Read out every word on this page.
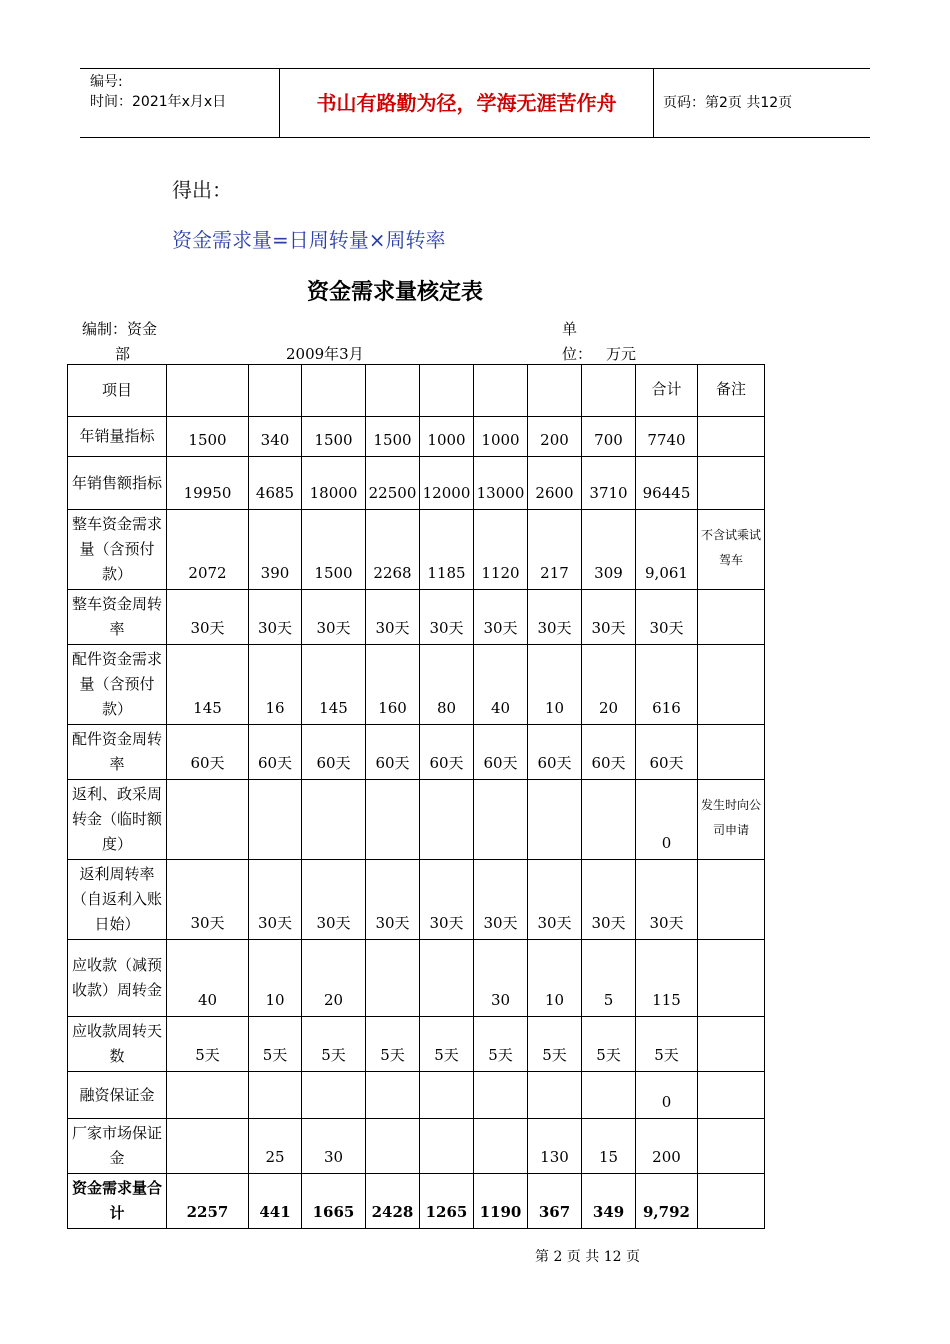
编号:
时间：2021年x月x日	书山有路勤为径，学海无涯苦作舟	页码：第2页 共12页
得出：
资金需求量=日周转量×周转率
资金需求量核定表
编制：资金
部	2009年3月
单
位： 万元
项目									合计	备注
年销量指标	1500	340	1500	1500	1000	1000	200	700	7740	
年销售额指标	19950	4685	18000	22500	12000	13000	2600	3710	96445	
整车资金需求量（含预付款）	2072	390	1500	2268	1185	1120	217	309	9,061	不含试乘试驾车
整车资金周转率	30天	30天	30天	30天	30天	30天	30天	30天	30天	
配件资金需求量（含预付款）	145	16	145	160	80	40	10	20	616	
配件资金周转率	60天	60天	60天	60天	60天	60天	60天	60天	60天	
返利、政采周转金（临时额度）									0	发生时向公司申请
返利周转率（自返利入账日始）	30天	30天	30天	30天	30天	30天	30天	30天	30天	
应收款（减预收款）周转金	40	10	20			30	10	5	115	
应收款周转天数	5天	5天	5天	5天	5天	5天	5天	5天	5天	
融资保证金									0	
厂家市场保证金		25	30				130	15	200	
资金需求量合计	2257	441	1665	2428	1265	1190	367	349	9,792	
第 2 页 共 12 页
